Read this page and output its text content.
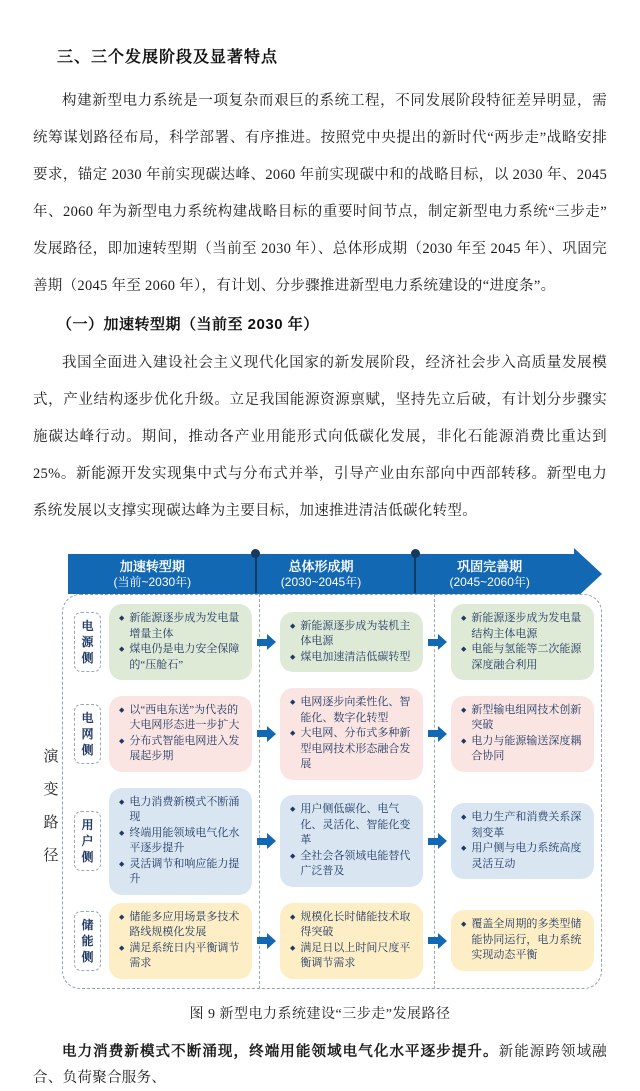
三、三个发展阶段及显著特点

构建新型电力系统是一项复杂而艰巨的系统工程，不同发展阶段特征差异明显，需统筹谋划路径布局，科学部署、有序推进。按照党中央提出的新时代“两步走”战略安排要求，锚定 2030 年前实现碳达峰、2060 年前实现碳中和的战略目标，以 2030 年、2045 年、2060 年为新型电力系统构建战略目标的重要时间节点，制定新型电力系统“三步走”发展路径，即加速转型期（当前至 2030 年）、总体形成期（2030 年至 2045 年）、巩固完善期（2045 年至 2060 年），有计划、分步骤推进新型电力系统建设的“进度条”。

（一）加速转型期（当前至 2030 年）

我国全面进入建设社会主义现代化国家的新发展阶段，经济社会步入高质量发展模式，产业结构逐步优化升级。立足我国能源资源禀赋，坚持先立后破，有计划分步骤实施碳达峰行动。期间，推动各产业用能形式向低碳化发展，非化石能源消费比重达到 25%。新能源开发实现集中式与分布式并举，引导产业由东部向中西部转移。新型电力系统发展以支撑实现碳达峰为主要目标，加速推进清洁低碳化转型。

加速转型期
(当前~2030年)
总体形成期
(2030~2045年)
巩固完善期
(2045~2060年)
演变路径
电源侧
◆ 新能源逐步成为发电量增量主体
◆ 煤电仍是电力安全保障的“压舱石”
◆ 新能源逐步成为装机主体电源
◆ 煤电加速清洁低碳转型
◆ 新能源逐步成为发电量结构主体电源
◆ 电能与氢能等二次能源深度融合利用
电网侧
◆ 以“西电东送”为代表的大电网形态进一步扩大
◆ 分布式智能电网进入发展起步期
◆ 电网逐步向柔性化、智能化、数字化转型
◆ 大电网、分布式多种新型电网技术形态融合发展
◆ 新型输电组网技术创新突破
◆ 电力与能源输送深度耦合协同
用户侧
◆ 电力消费新模式不断涌现
◆ 终端用能领域电气化水平逐步提升
◆ 灵活调节和响应能力提升
◆ 用户侧低碳化、电气化、灵活化、智能化变革
◆ 全社会各领域电能替代广泛普及
◆ 电力生产和消费关系深刻变革
◆ 用户侧与电力系统高度灵活互动
储能侧
◆ 储能多应用场景多技术路线规模化发展
◆ 满足系统日内平衡调节需求
◆ 规模化长时储能技术取得突破
◆ 满足日以上时间尺度平衡调节需求
◆ 覆盖全周期的多类型储能协同运行，电力系统实现动态平衡

图 9 新型电力系统建设“三步走”发展路径

电力消费新模式不断涌现，终端用能领域电气化水平逐步提升。新能源跨领域融合、负荷聚合服务、
